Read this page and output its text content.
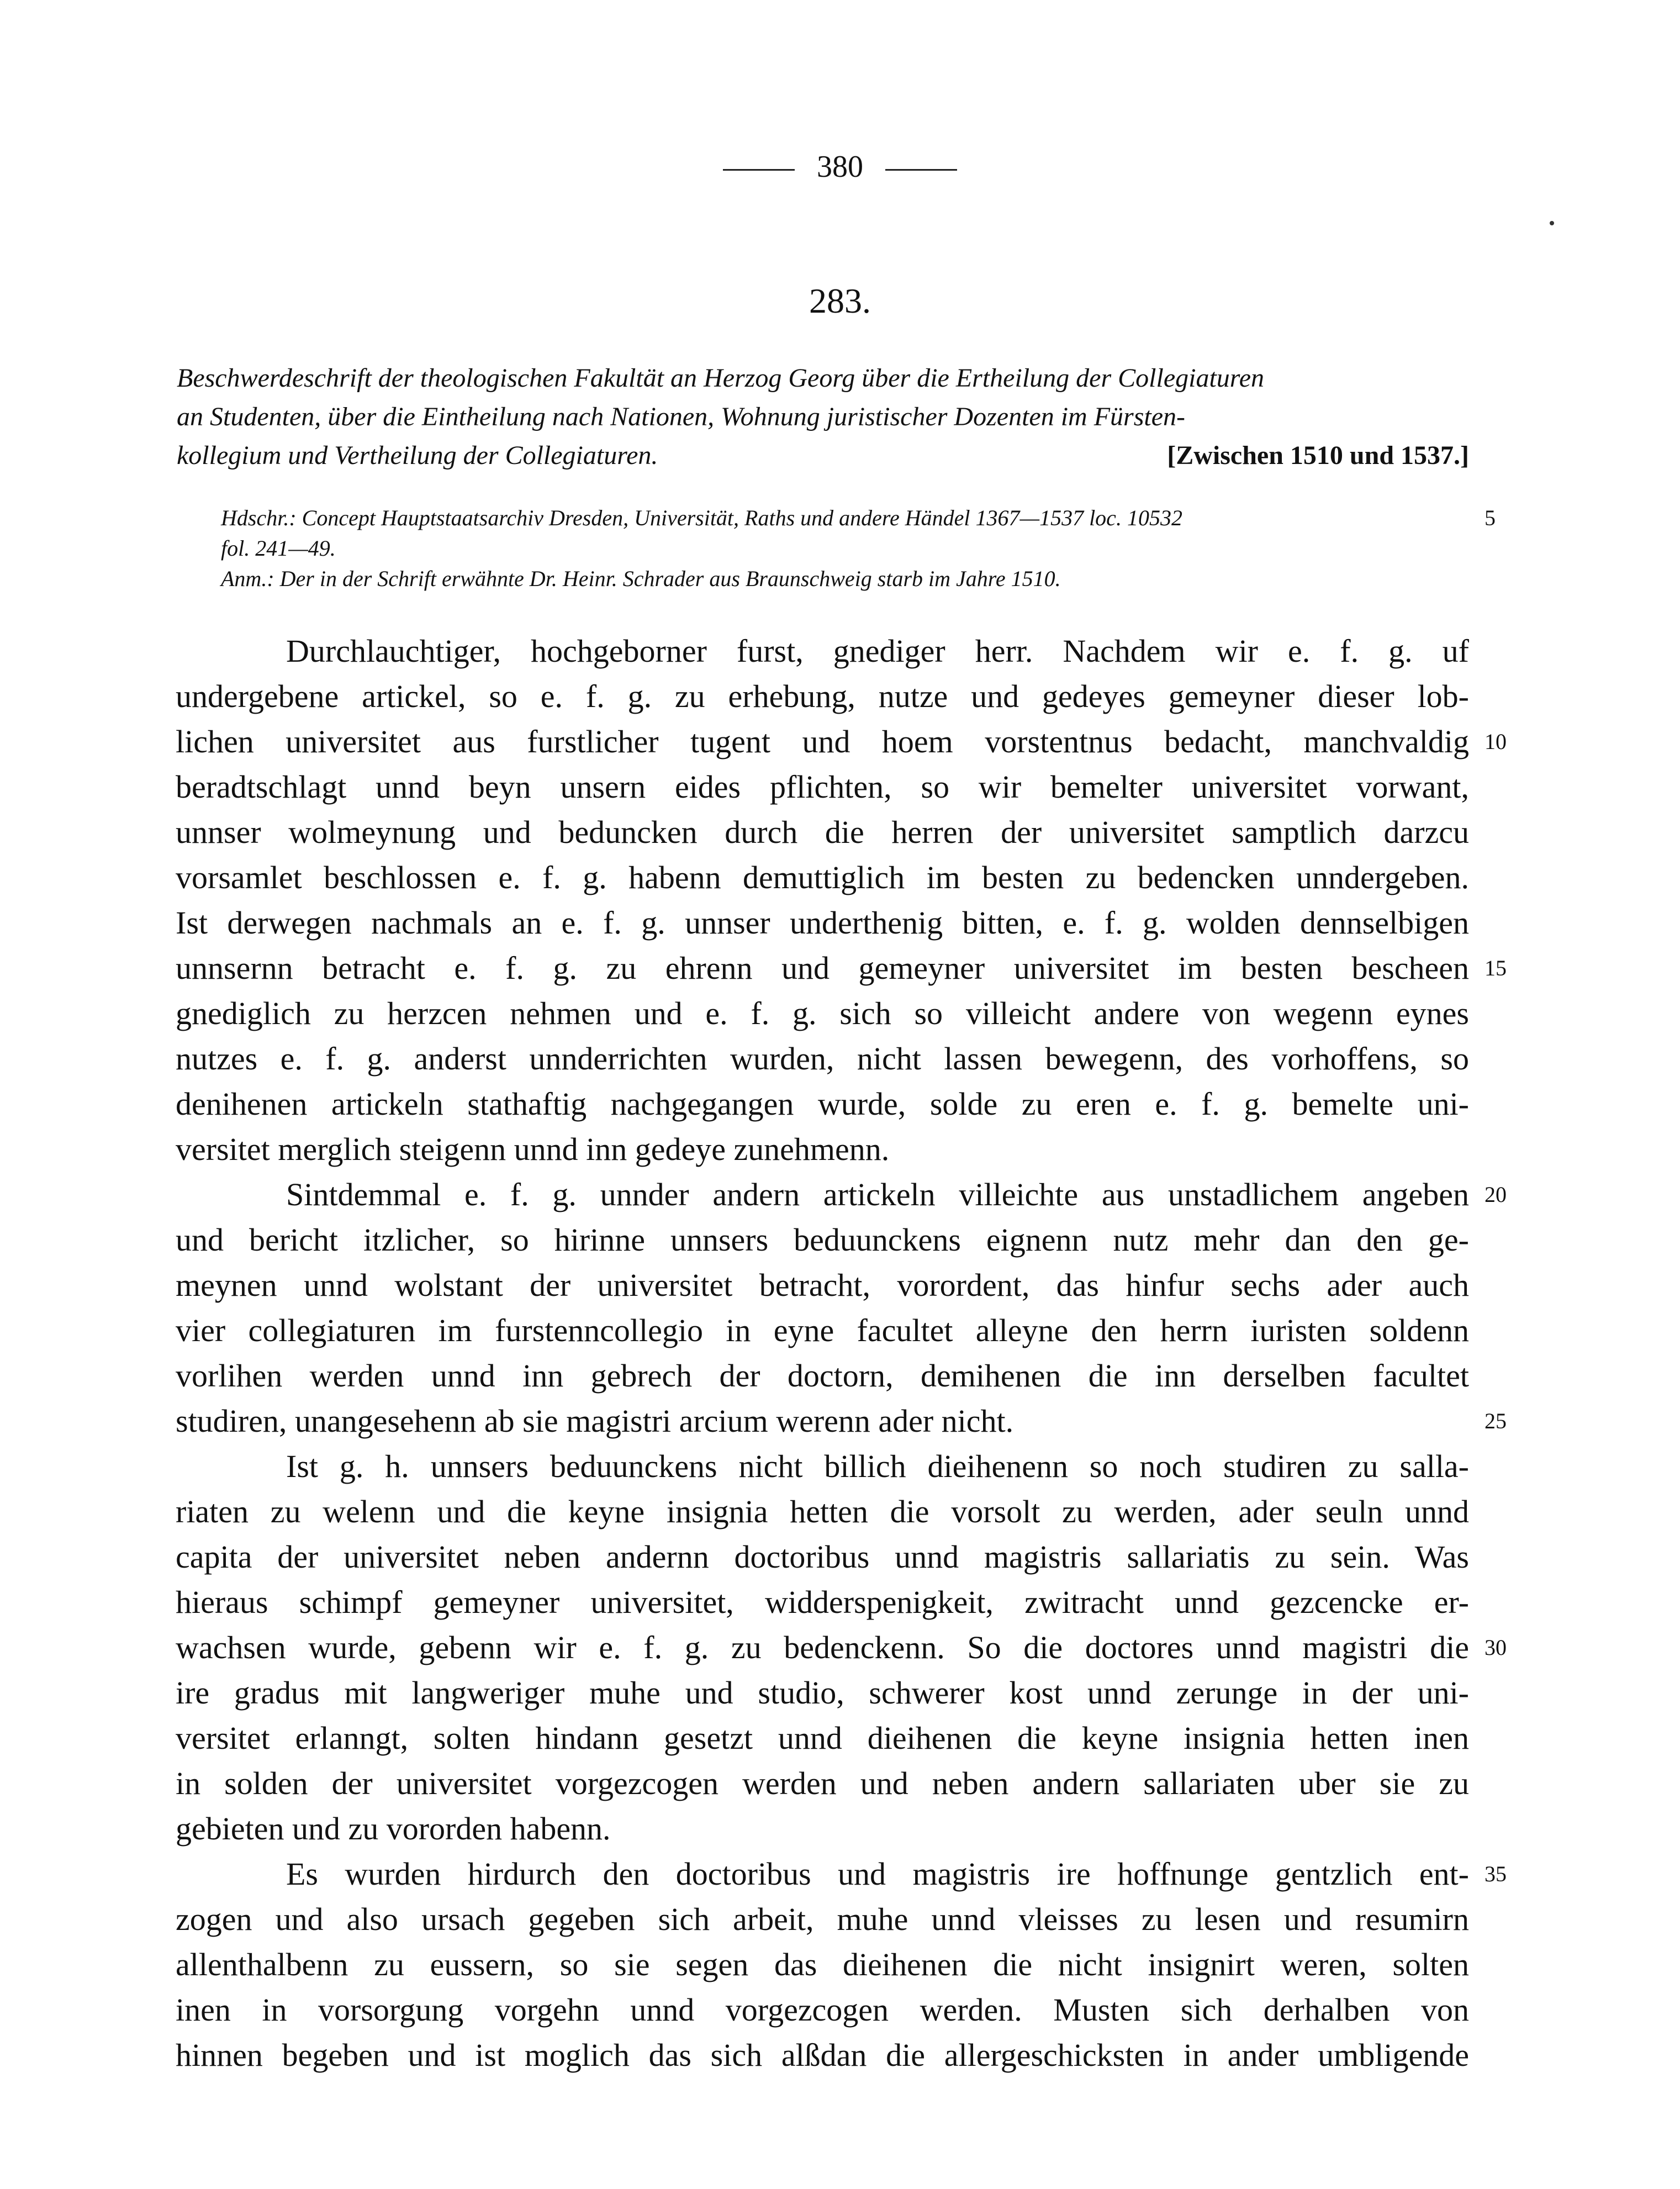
380
283.
Beschwerdeschrift der theologischen Fakultät an Herzog Georg über die Ertheilung der Collegiaturen
an Studenten, über die Eintheilung nach Nationen, Wohnung juristischer Dozenten im Fürsten-
kollegium und Vertheilung der Collegiaturen.	[Zwischen 1510 und 1537.]
Hdschr.: Concept Hauptstaatsarchiv Dresden, Universität, Raths und andere Händel 1367—1537 loc. 10532	5
fol. 241—49.
Anm.: Der in der Schrift erwähnte Dr. Heinr. Schrader aus Braunschweig starb im Jahre 1510.
Durchlauchtiger, hochgeborner furst, gnediger herr. Nachdem wir e. f. g. uf
undergebene artickel, so e. f. g. zu erhebung, nutze und gedeyes gemeyner dieser lob-
lichen universitet aus furstlicher tugent und hoem vorstentnus bedacht, manchvaldig 10
beradtschlagt unnd beyn unsern eides pflichten, so wir bemelter universitet vorwant,
unnser wolmeynung und beduncken durch die herren der universitet samptlich darzcu
vorsamlet beschlossen e. f. g. habenn demuttiglich im besten zu bedencken unndergeben.
Ist derwegen nachmals an e. f. g. unnser underthenig bitten, e. f. g. wolden dennselbigen
unnsernn betracht e. f. g. zu ehrenn und gemeyner universitet im besten bescheen 15
gnediglich zu herzcen nehmen und e. f. g. sich so villeicht andere von wegenn eynes
nutzes e. f. g. anderst unnderrichten wurden, nicht lassen bewegenn, des vorhoffens, so
denihenen artickeln stathaftig nachgegangen wurde, solde zu eren e. f. g. bemelte uni-
versitet merglich steigenn unnd inn gedeye zunehmenn.
Sintdemmal e. f. g. unnder andern artickeln villeichte aus unstadlichem angeben 20
und bericht itzlicher, so hirinne unnsers beduunckens eignenn nutz mehr dan den ge-
meynen unnd wolstant der universitet betracht, vorordent, das hinfur sechs ader auch
vier collegiaturen im furstenncollegio in eyne facultet alleyne den herrn iuristen soldenn
vorlihen werden unnd inn gebrech der doctorn, demihenen die inn derselben facultet
studiren, unangesehenn ab sie magistri arcium werenn ader nicht.	25
Ist g. h. unnsers beduunckens nicht billich dieihenenn so noch studiren zu salla-
riaten zu welenn und die keyne insignia hetten die vorsolt zu werden, ader seuln unnd
capita der universitet neben andernn doctoribus unnd magistris sallariatis zu sein. Was
hieraus schimpf gemeyner universitet, widderspenigkeit, zwitracht unnd gezcencke er-
wachsen wurde, gebenn wir e. f. g. zu bedenckenn. So die doctores unnd magistri die 30
ire gradus mit langweriger muhe und studio, schwerer kost unnd zerunge in der uni-
versitet erlanngt, solten hindann gesetzt unnd dieihenen die keyne insignia hetten inen
in solden der universitet vorgezcogen werden und neben andern sallariaten uber sie zu
gebieten und zu vororden habenn.
Es wurden hirdurch den doctoribus und magistris ire hoffnunge gentzlich ent- 35
zogen und also ursach gegeben sich arbeit, muhe unnd vleisses zu lesen und resumirn
allenthalbenn zu eussern, so sie segen das dieihenen die nicht insignirt weren, solten
inen in vorsorgung vorgehn unnd vorgezcogen werden. Musten sich derhalben von
hinnen begeben und ist moglich das sich alßdan die allergeschicksten in ander umbligende
